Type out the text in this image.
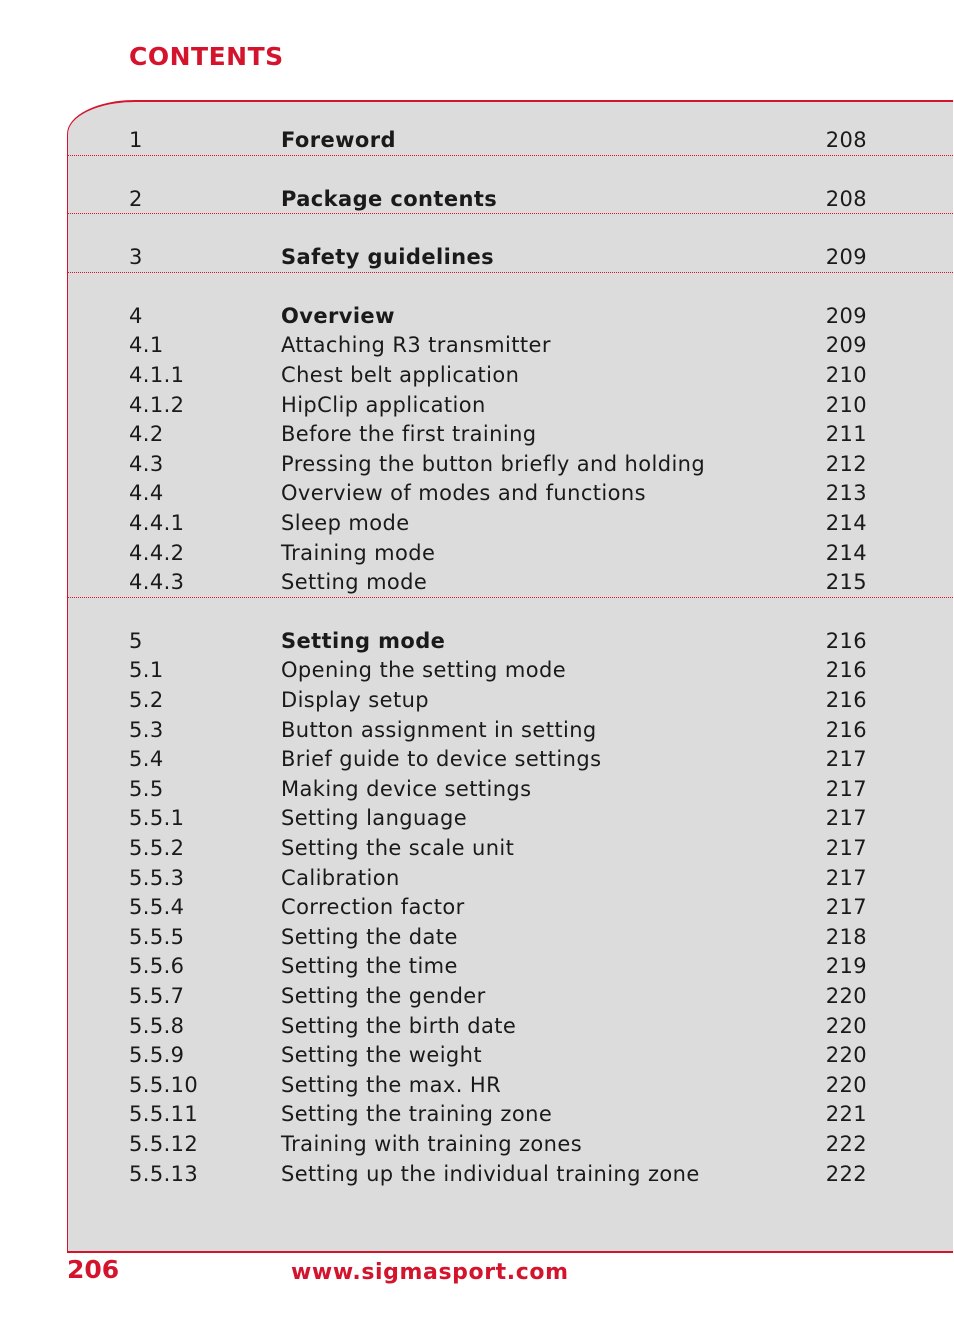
CONTENTS
1	Foreword	208
2	Package contents	208
3	Safety guidelines	209
4	Overview	209
4.1	Attaching R3 transmitter	209
4.1.1	Chest belt application	210
4.1.2	HipClip application	210
4.2	Before the first training	211
4.3	Pressing the button briefly and holding	212
4.4	Overview of modes and functions	213
4.4.1	Sleep mode	214
4.4.2	Training mode	214
4.4.3	Setting mode	215
5	Setting mode	216
5.1	Opening the setting mode	216
5.2	Display setup	216
5.3	Button assignment in setting	216
5.4	Brief guide to device settings	217
5.5	Making device settings	217
5.5.1	Setting language	217
5.5.2	Setting the scale unit	217
5.5.3	Calibration	217
5.5.4	Correction factor	217
5.5.5	Setting the date	218
5.5.6	Setting the time	219
5.5.7	Setting the gender	220
5.5.8	Setting the birth date	220
5.5.9	Setting the weight	220
5.5.10	Setting the max. HR	220
5.5.11	Setting the training zone	221
5.5.12	Training with training zones	222
5.5.13	Setting up the individual training zone	222
206	www.sigmasport.com
